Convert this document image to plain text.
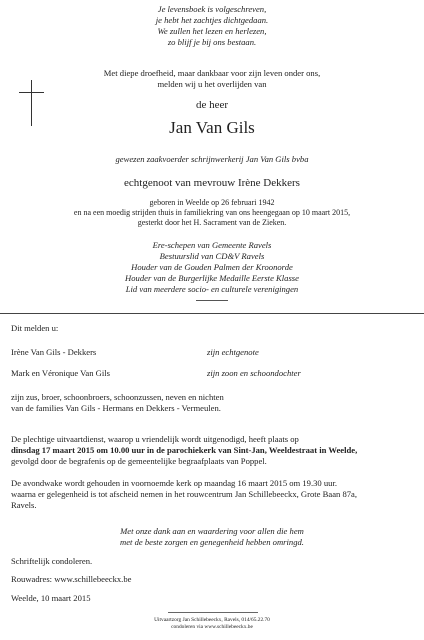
Je levensboek is volgeschreven,
je hebt het zachtjes dichtgedaan.
We zullen het lezen en herlezen,
zo blijf je bij ons bestaan.
Met diepe droefheid, maar dankbaar voor zijn leven onder ons,
melden wij u het overlijden van
de heer
Jan Van Gils
gewezen zaakvoerder schrijnwerkerij Jan Van Gils bvba
echtgenoot van mevrouw Irène Dekkers
geboren in Weelde op 26 februari 1942
en na een moedig strijden thuis in familiekring van ons heengegaan op 10 maart 2015,
gesterkt door het H. Sacrament van de Zieken.
Ere-schepen van Gemeente Ravels
Bestuurslid van CD&V Ravels
Houder van de Gouden Palmen der Kroonorde
Houder van de Burgerlijke Medaille Eerste Klasse
Lid van meerdere socio- en culturele verenigingen
Dit melden u:
Irène Van Gils - Dekkers	zijn echtgenote
Mark en Véronique Van Gils	zijn zoon en schoondochter
zijn zus, broer, schoonbroers, schoonzussen, neven en nichten
van de families Van Gils - Hermans en Dekkers - Vermeulen.
De plechtige uitvaartdienst, waarop u vriendelijk wordt uitgenodigd, heeft plaats op
dinsdag 17 maart 2015 om 10.00 uur in de parochiekerk van Sint-Jan, Weeldestraat in Weelde,
gevolgd door de begrafenis op de gemeentelijke begraafplaats van Poppel.
De avondwake wordt gehouden in voornoemde kerk op maandag 16 maart 2015 om 19.30 uur.
waarna er gelegenheid is tot afscheid nemen in het rouwcentrum Jan Schillebeeckx, Grote Baan 87a,
Ravels.
Met onze dank aan en waardering voor allen die hem
met de beste zorgen en genegenheid hebben omringd.
Schriftelijk condoleren.
Rouwadres: www.schillebeeckx.be
Weelde, 10 maart 2015
Uitvaartzorg Jan Schillebeeckx, Ravels, 014/65.22.70
condoleren via www.schillebeeckx.be
